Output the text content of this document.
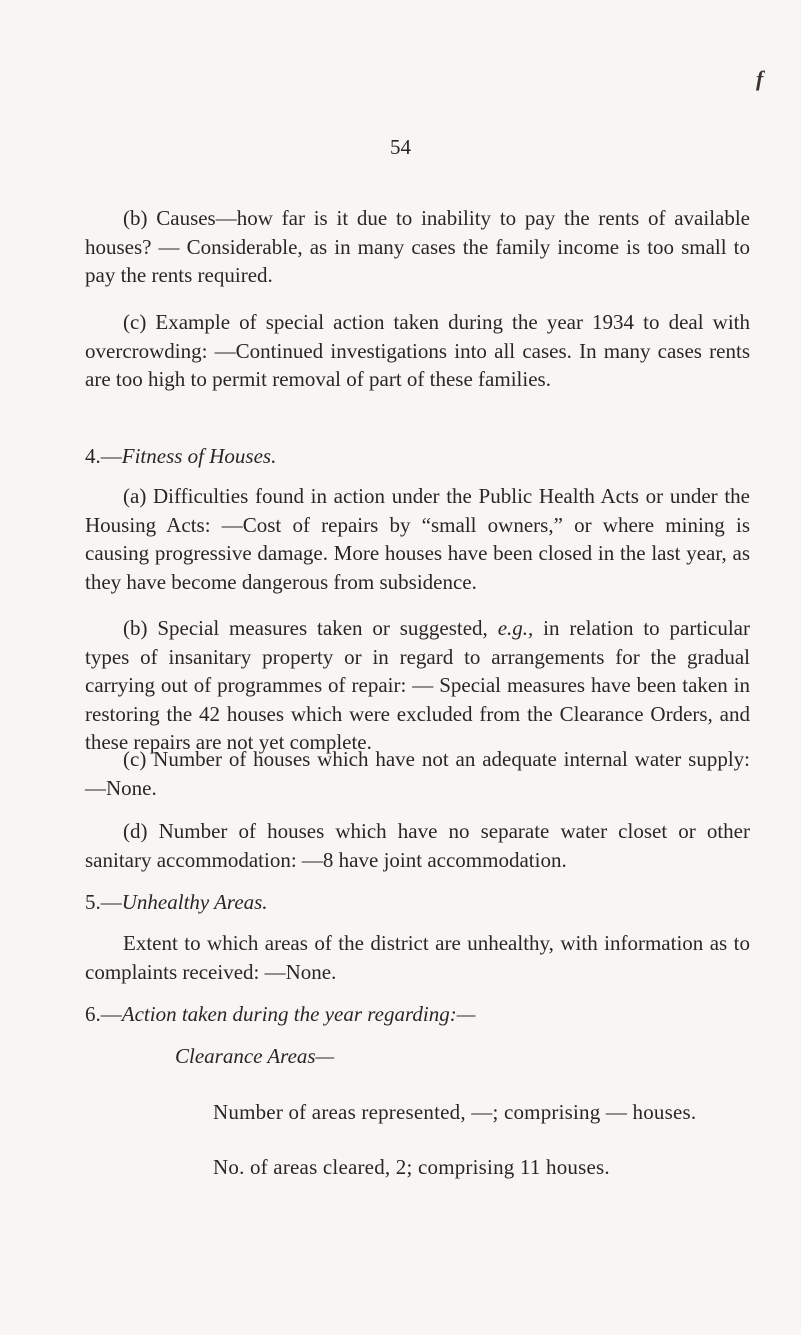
f
54

(b) Causes—how far is it due to inability to pay the rents of available houses? — Considerable, as in many cases the family income is too small to pay the rents required.

(c) Example of special action taken during the year 1934 to deal with overcrowding: —Continued investigations into all cases. In many cases rents are too high to permit removal of part of these families.

4.—Fitness of Houses.

(a) Difficulties found in action under the Public Health Acts or under the Housing Acts: —Cost of repairs by “small owners,” or where mining is causing progressive damage. More houses have been closed in the last year, as they have become dangerous from subsidence.

(b) Special measures taken or suggested, e.g., in relation to particular types of insanitary property or in regard to arrangements for the gradual carrying out of programmes of repair: — Special measures have been taken in restoring the 42 houses which were excluded from the Clearance Orders, and these repairs are not yet complete.

(c) Number of houses which have not an adequate internal water supply: —None.

(d) Number of houses which have no separate water closet or other sanitary accommodation: —8 have joint accommodation.

5.—Unhealthy Areas.

Extent to which areas of the district are unhealthy, with information as to complaints received: —None.

6.—Action taken during the year regarding:—

Clearance Areas—

Number of areas represented, —; comprising — houses.

No. of areas cleared, 2; comprising 11 houses.
